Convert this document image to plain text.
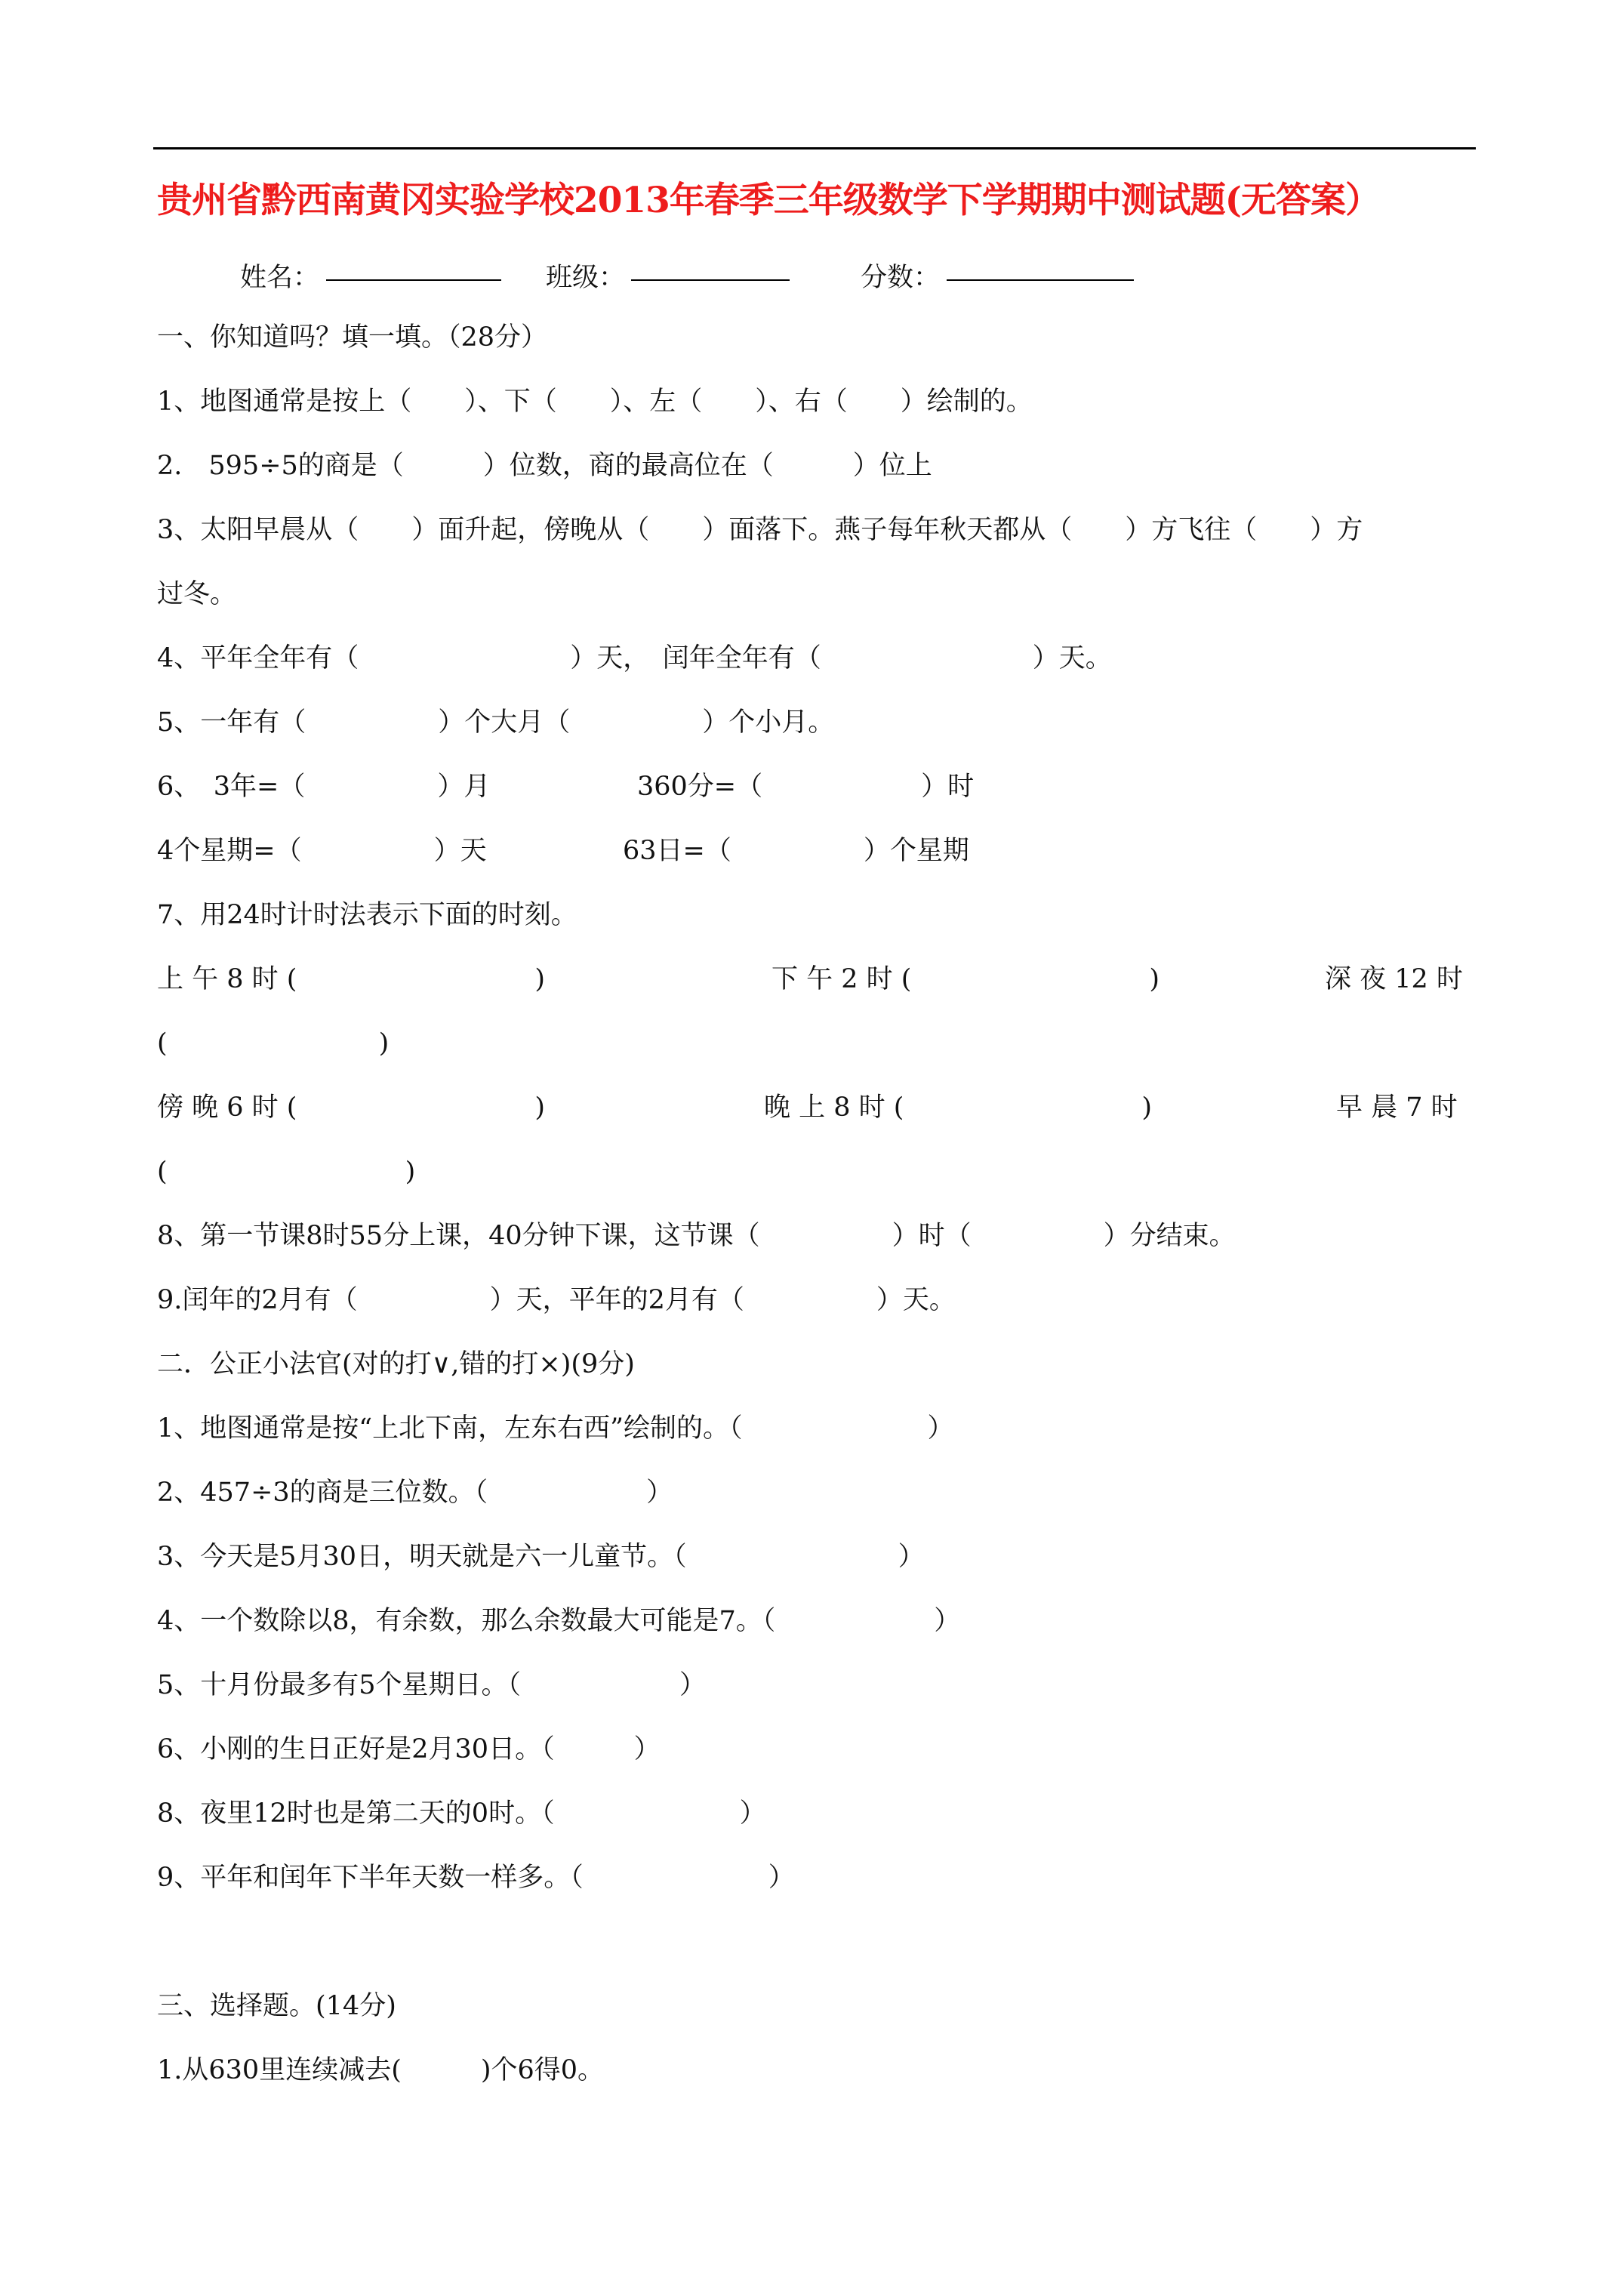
贵州省黔西南黄冈实验学校2013年春季三年级数学下学期期中测试题(无答案）
姓名：	班级：	分数：
一、你知道吗？填一填。（28分）
1、地图通常是按上（　　）、下（　　）、左（　　）、右（　　）绘制的。
2.　595÷5的商是（　　　）位数，商的最高位在（　　　）位上
3、太阳早晨从（　　）面升起，傍晚从（　　）面落下。燕子每年秋天都从（　　）方飞往（　　）方
过冬。
4、平年全年有（　　　　　　　　）天，　闰年全年有（　　　　　　　　）天。
5、一年有（　　　　　）个大月（　　　　　）个小月。
6、　3年=（　　　　　）月	360分=（　　　　　　）时
4个星期=（　　　　　）天	63日=（　　　　　）个星期
7、用24时计时法表示下面的时刻。
上 午 8 时 (　　　　　　　　　)	下 午 2 时 (　　　　　　　　　)	深 夜 12 时
(　　　　　　　　)
傍 晚 6 时 (　　　　　　　　　)	晚 上 8 时 (　　　　　　　　　)	早 晨 7 时
(　　　　　　　　　)
8、第一节课8时55分上课，40分钟下课，这节课（　　　　　）时（　　　　　）分结束。
9.闰年的2月有（　　　　　）天，平年的2月有（　　　　　）天。
二．公正小法官(对的打∨,错的打×)(9分)
1、地图通常是按“上北下南，左东右西”绘制的。（　　　　　　　）
2、457÷3的商是三位数。（　　　　　　）
3、今天是5月30日，明天就是六一儿童节。（　　　　　　　　）
4、一个数除以8，有余数，那么余数最大可能是7。（　　　　　　）
5、十月份最多有5个星期日。（　　　　　　）
6、小刚的生日正好是2月30日。（　　　）
8、夜里12时也是第二天的0时。（　　　　　　　）
9、平年和闰年下半年天数一样多。（　　　　　　　）
三、选择题。(14分)
1.从630里连续减去(　　　)个6得0。
